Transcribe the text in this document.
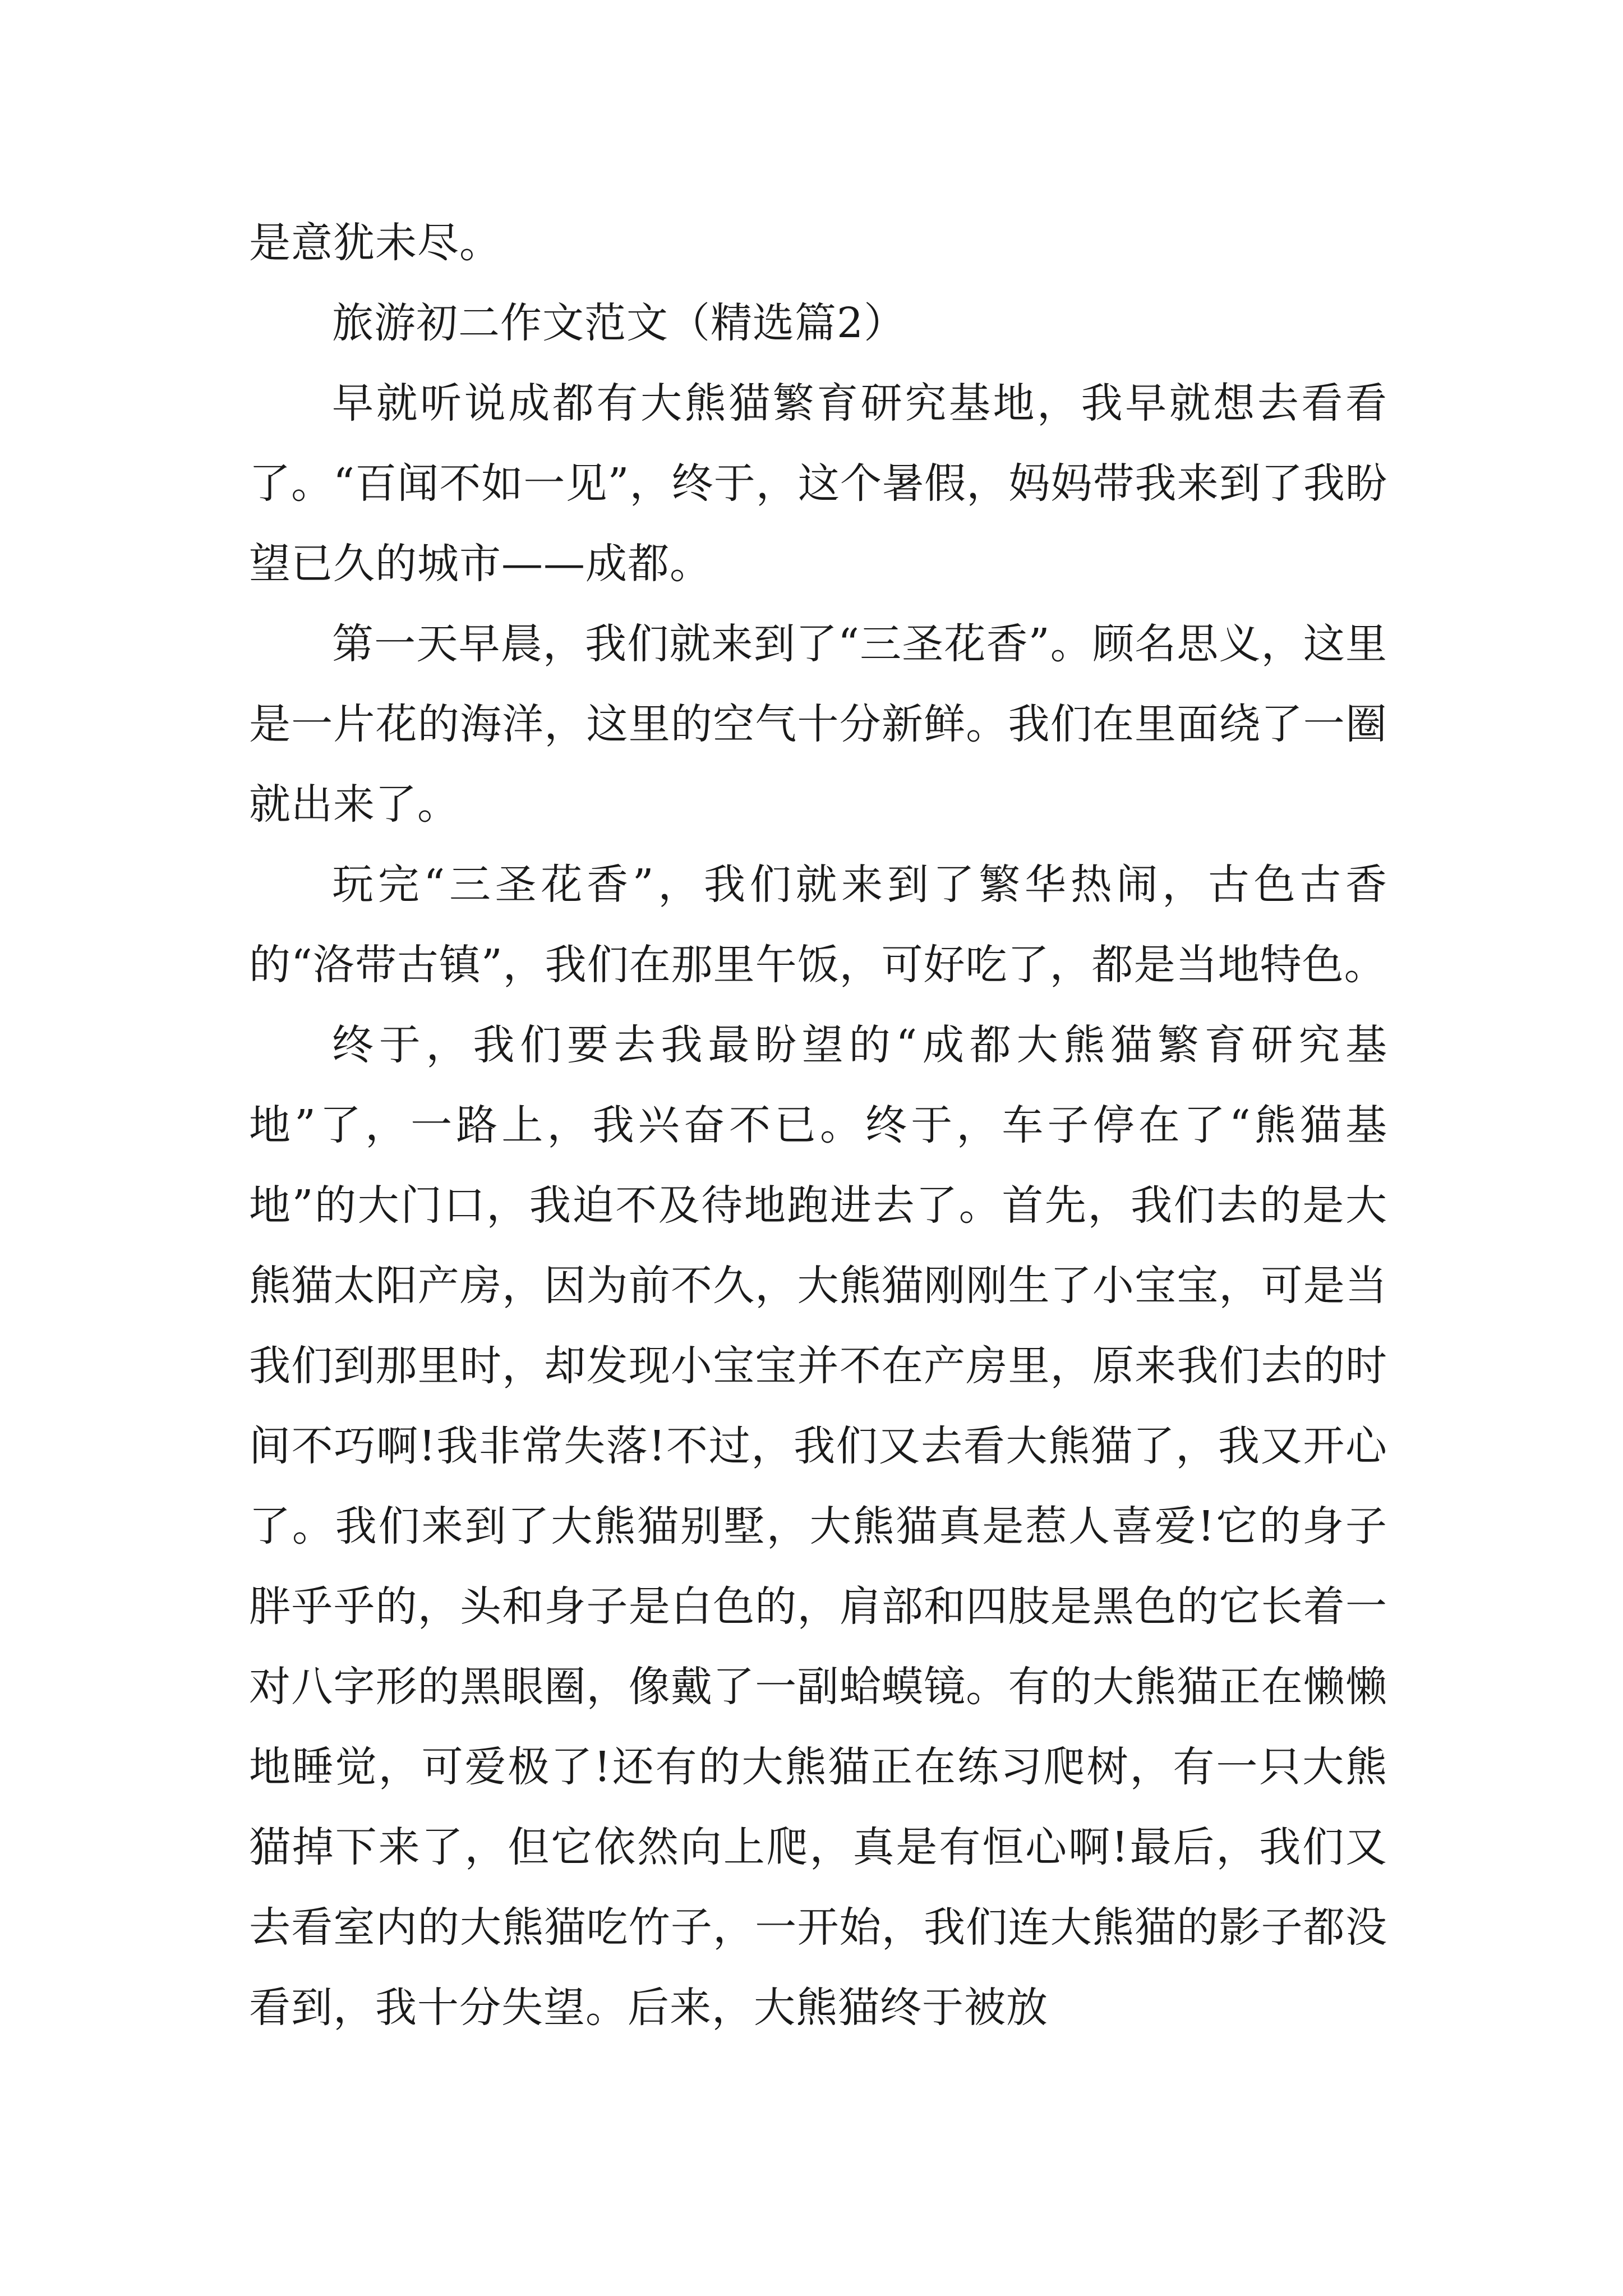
是意犹未尽。

旅游初二作文范文（精选篇2）

早就听说成都有大熊猫繁育研究基地，我早就想去看看了。“百闻不如一见”，终于，这个暑假，妈妈带我来到了我盼望已久的城市——成都。

第一天早晨，我们就来到了“三圣花香”。顾名思义，这里是一片花的海洋，这里的空气十分新鲜。我们在里面绕了一圈就出来了。

玩完“三圣花香”，我们就来到了繁华热闹，古色古香的“洛带古镇”，我们在那里午饭，可好吃了，都是当地特色。

终于，我们要去我最盼望的“成都大熊猫繁育研究基地”了，一路上，我兴奋不已。终于，车子停在了“熊猫基地”的大门口，我迫不及待地跑进去了。首先，我们去的是大熊猫太阳产房，因为前不久，大熊猫刚刚生了小宝宝，可是当我们到那里时，却发现小宝宝并不在产房里，原来我们去的时间不巧啊!我非常失落!不过，我们又去看大熊猫了，我又开心了。我们来到了大熊猫别墅，大熊猫真是惹人喜爱!它的身子胖乎乎的，头和身子是白色的，肩部和四肢是黑色的它长着一对八字形的黑眼圈，像戴了一副蛤蟆镜。有的大熊猫正在懒懒地睡觉，可爱极了!还有的大熊猫正在练习爬树，有一只大熊猫掉下来了，但它依然向上爬，真是有恒心啊!最后，我们又去看室内的大熊猫吃竹子，一开始，我们连大熊猫的影子都没看到，我十分失望。后来，大熊猫终于被放
